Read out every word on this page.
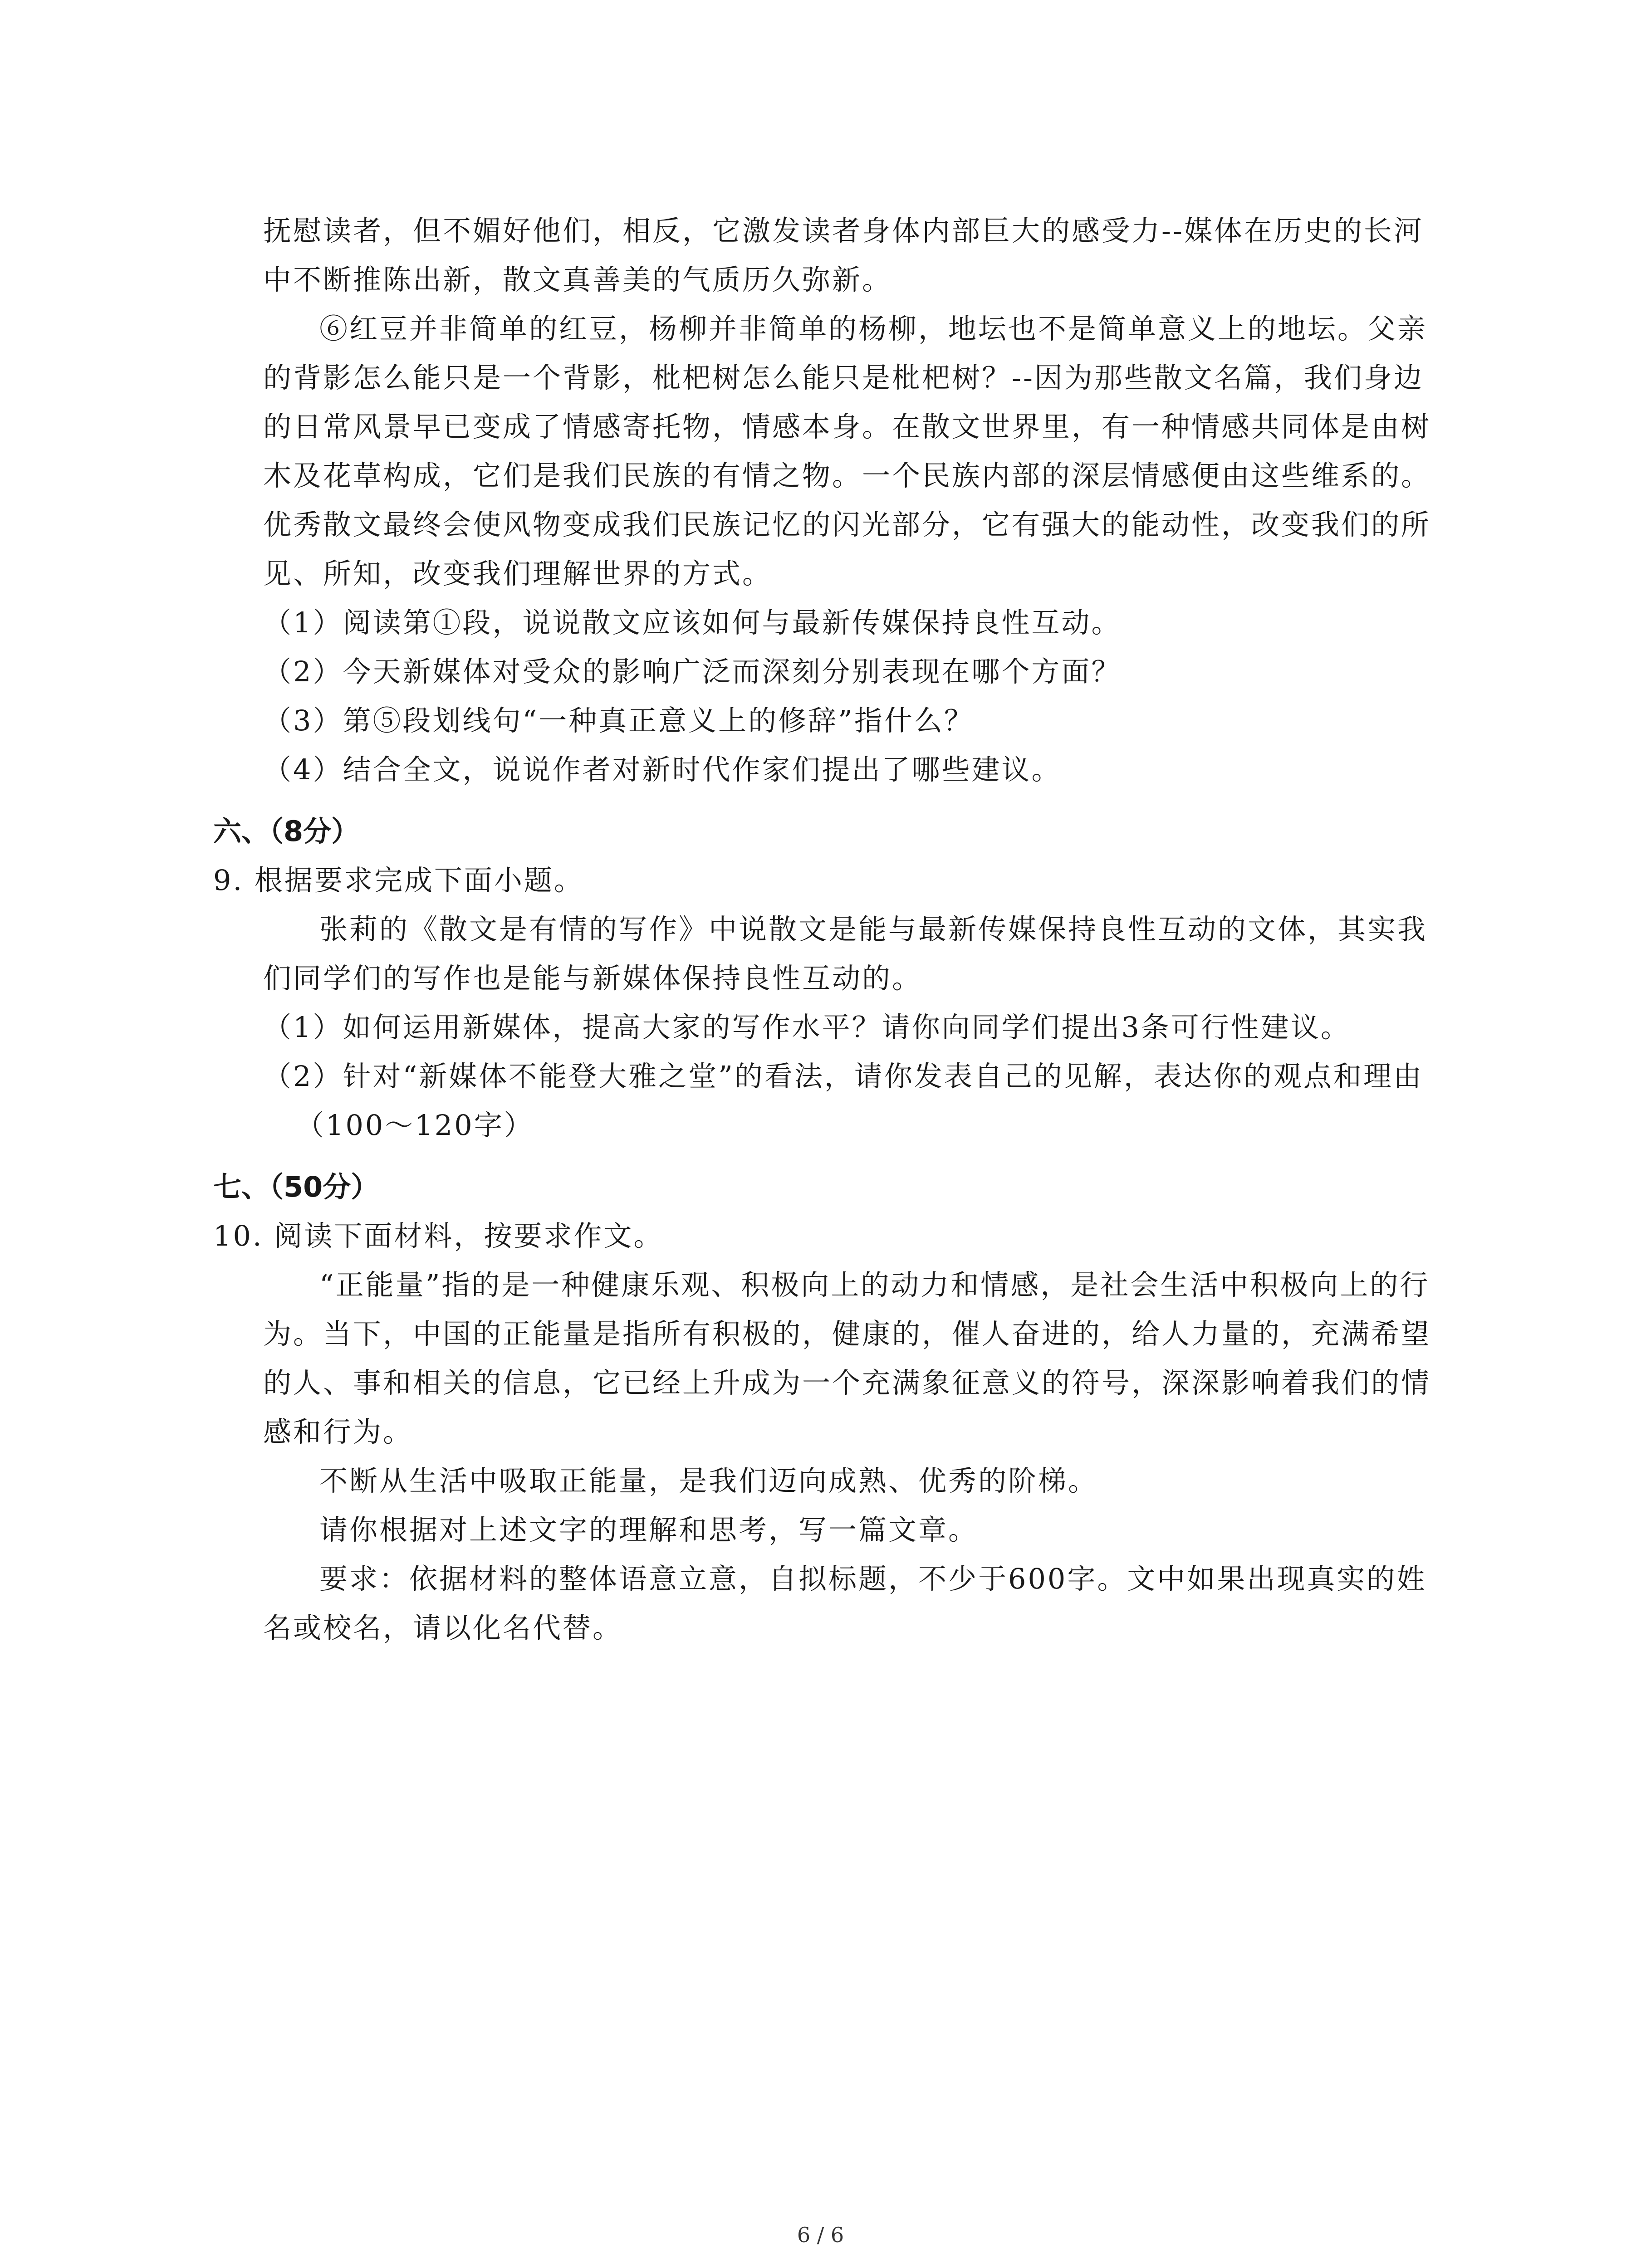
抚慰读者，但不媚好他们，相反，它激发读者身体内部巨大的感受力--媒体在历史的长河中不断推陈出新，散文真善美的气质历久弥新。

⑥红豆并非简单的红豆，杨柳并非简单的杨柳，地坛也不是简单意义上的地坛。父亲的背影怎么能只是一个背影，枇杷树怎么能只是枇杷树？--因为那些散文名篇，我们身边的日常风景早已变成了情感寄托物，情感本身。在散文世界里，有一种情感共同体是由树木及花草构成，它们是我们民族的有情之物。一个民族内部的深层情感便由这些维系的。优秀散文最终会使风物变成我们民族记忆的闪光部分，它有强大的能动性，改变我们的所见、所知，改变我们理解世界的方式。

（1）阅读第①段，说说散文应该如何与最新传媒保持良性互动。

（2）今天新媒体对受众的影响广泛而深刻分别表现在哪个方面？

（3）第⑤段划线句“一种真正意义上的修辞”指什么？

（4）结合全文，说说作者对新时代作家们提出了哪些建议。

六、（8分）

9. 根据要求完成下面小题。

张莉的《散文是有情的写作》中说散文是能与最新传媒保持良性互动的文体，其实我们同学们的写作也是能与新媒体保持良性互动的。

（1）如何运用新媒体，提高大家的写作水平？请你向同学们提出3条可行性建议。

（2）针对“新媒体不能登大雅之堂”的看法，请你发表自己的见解，表达你的观点和理由（100～120字）

七、（50分）

10. 阅读下面材料，按要求作文。

“正能量”指的是一种健康乐观、积极向上的动力和情感，是社会生活中积极向上的行为。当下，中国的正能量是指所有积极的，健康的，催人奋进的，给人力量的，充满希望的人、事和相关的信息，它已经上升成为一个充满象征意义的符号，深深影响着我们的情感和行为。

不断从生活中吸取正能量，是我们迈向成熟、优秀的阶梯。

请你根据对上述文字的理解和思考，写一篇文章。

要求：依据材料的整体语意立意，自拟标题，不少于600字。文中如果出现真实的姓名或校名，请以化名代替。

6 / 6
